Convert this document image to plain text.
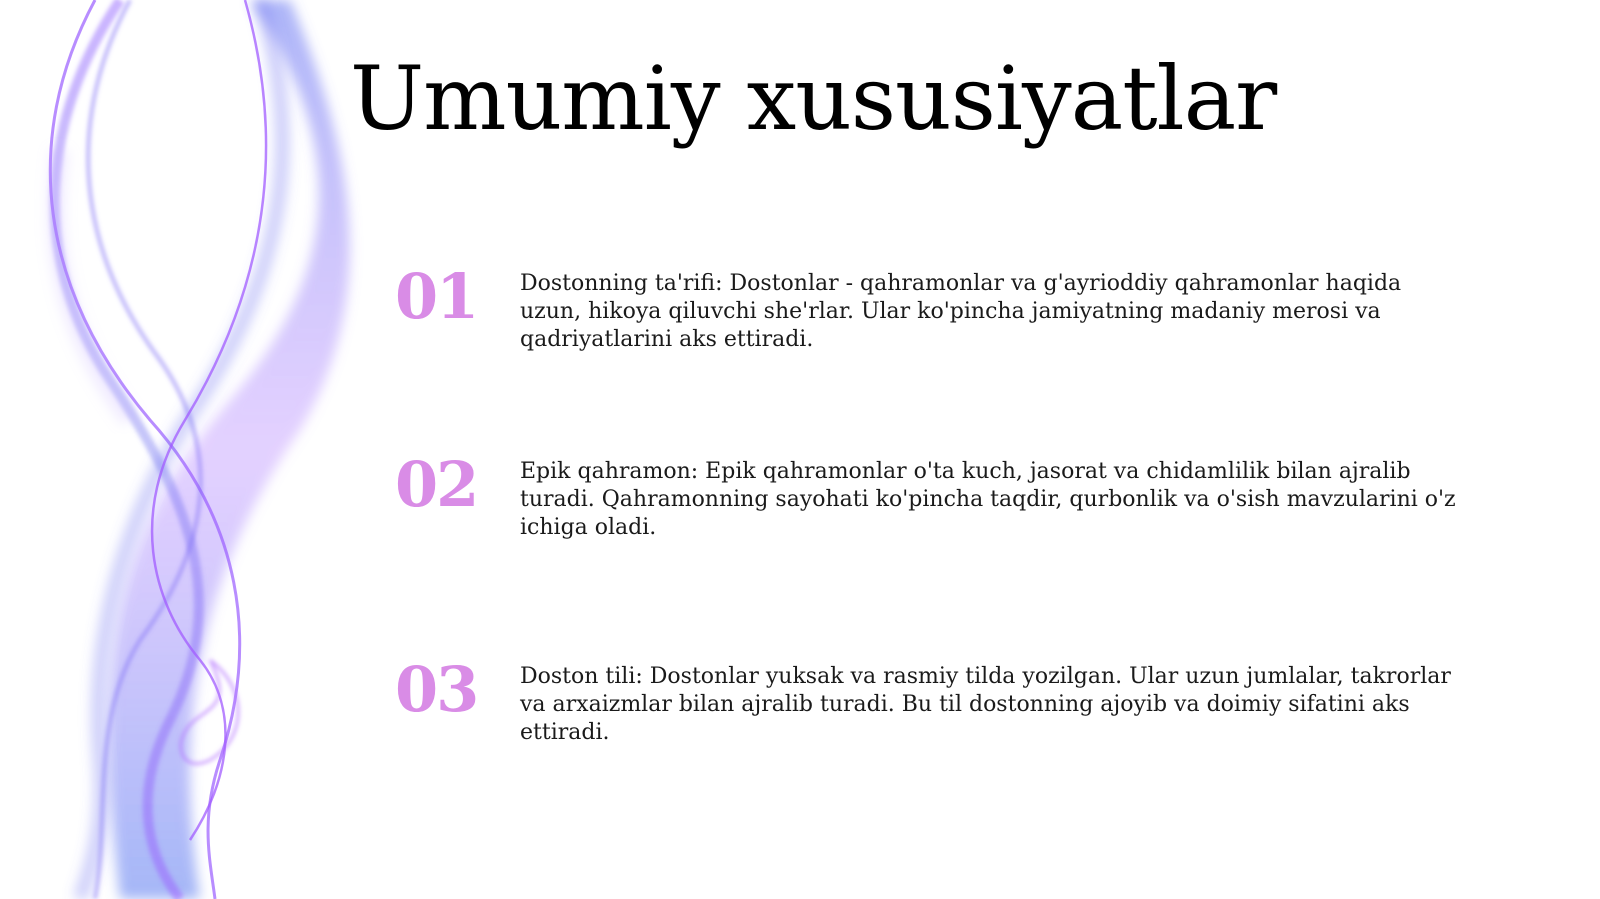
Umumiy xususiyatlar
01 Dostonning ta'rifi: Dostonlar - qahramonlar va g'ayrioddiy qahramonlar haqida uzun, hikoya qiluvchi she'rlar. Ular ko'pincha jamiyatning madaniy merosi va qadriyatlarini aks ettiradi.

02 Epik qahramon: Epik qahramonlar o'ta kuch, jasorat va chidamlilik bilan ajralib turadi. Qahramonning sayohati ko'pincha taqdir, qurbonlik va o'sish mavzularini o'z ichiga oladi.

03 Doston tili: Dostonlar yuksak va rasmiy tilda yozilgan. Ular uzun jumlalar, takrorlar va arxaizmlar bilan ajralib turadi. Bu til dostonning ajoyib va doimiy sifatini aks ettiradi.
